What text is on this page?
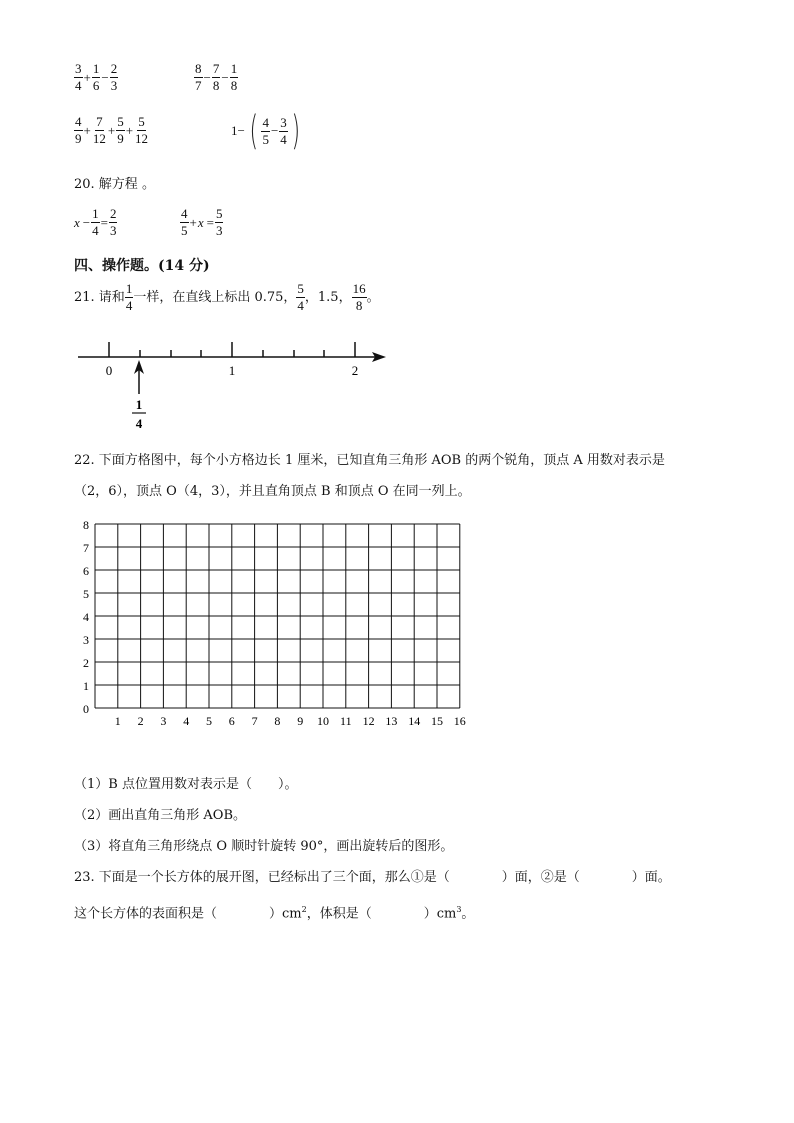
$\frac{3}{4} + \frac{1}{6} - \frac{2}{3}$	$\frac{8}{7} - \frac{7}{8} - \frac{1}{8}$
$\frac{4}{9} + \frac{7}{12} + \frac{5}{9} + \frac{5}{12}$	1− ( $\frac{4}{5} - \frac{3}{4}$ )
20. 解方程 。
$x - \frac{1}{4} = \frac{2}{3}$	$\frac{4}{5} + x = \frac{5}{3}$
四、操作题。(14 分)
21. 请和 $\frac{1}{4}$ 一样，在直线上标出 0.75， $\frac{5}{4}$ ，1.5， $\frac{16}{8}$ 。
0	1	2
1
4
22. 下面方格图中，每个小方格边长 1 厘米，已知直角三角形 AOB 的两个锐角，顶点 A 用数对表示是
（2，6），顶点 O（4，3），并且直角顶点 B 和顶点 O 在同一列上。
1 2 3 4 5 6 7 8 9 10 11 12 13 14 15 16
8
7
6
5
4
3
2
1
0
（1）B 点位置用数对表示是（　　）。
（2）画出直角三角形 AOB。
（3）将直角三角形绕点 O 顺时针旋转 90°，画出旋转后的图形。
23. 下面是一个长方体的展开图，已经标出了三个面，那么①是（　　　　）面，②是（　　　　）面。
这个长方体的表面积是（　　　　）$cm^2$，体积是（　　　　）$cm^3$。
